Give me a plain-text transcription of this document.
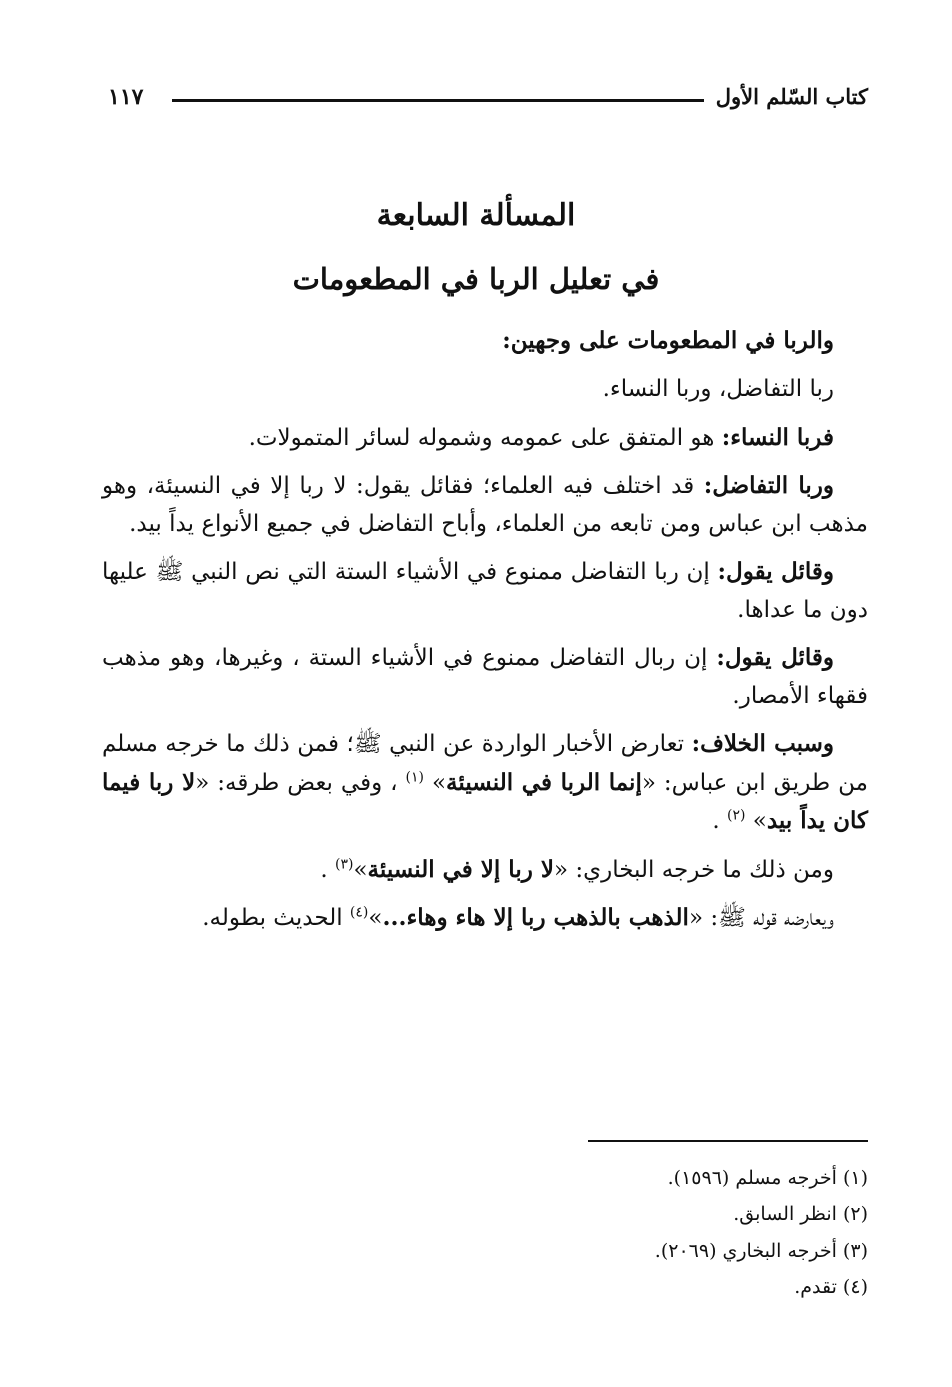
كتاب السّلم الأول
١١٧
المسألة السابعة
في تعليل الربا في المطعومات

والربا في المطعومات على وجهين:

ربا التفاضل، وربا النساء.

فربا النساء: هو المتفق على عمومه وشموله لسائر المتمولات.

وربا التفاضل: قد اختلف فيه العلماء؛ فقائل يقول: لا ربا إلا في النسيئة، وهو مذهب ابن عباس ومن تابعه من العلماء، وأباح التفاضل في جميع الأنواع يداً بيد.

وقائل يقول: إن ربا التفاضل ممنوع في الأشياء الستة التي نص النبي ﷺ عليها دون ما عداها.

وقائل يقول: إن ربال التفاضل ممنوع في الأشياء الستة ، وغيرها، وهو مذهب فقهاء الأمصار.

وسبب الخلاف: تعارض الأخبار الواردة عن النبي ﷺ؛ فمن ذلك ما خرجه مسلم من طريق ابن عباس: «إنما الربا في النسيئة» $^{(١)}$ ، وفي بعض طرقه: «لا ربا فيما كان يداً بيد» $^{(٢)}$ .

ومن ذلك ما خرجه البخاري: «لا ربا إلا في النسيئة»$^{(٣)}$ .

ويعارضه قوله ﷺ: «الذهب بالذهب ربا إلا هاء وهاء...»$^{(٤)}$ الحديث بطوله.

(١) أخرجه مسلم (١٥٩٦).
(٢) انظر السابق.
(٣) أخرجه البخاري (٢٠٦٩).
(٤) تقدم.
